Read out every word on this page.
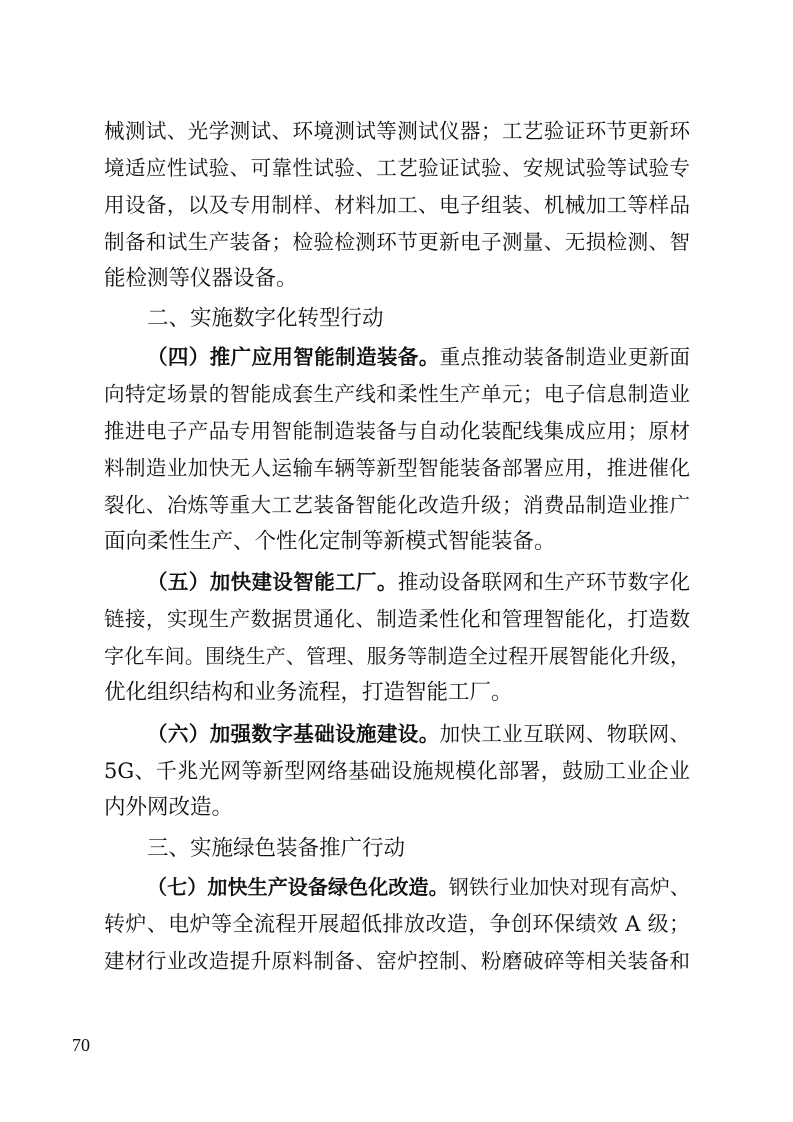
械测试、光学测试、环境测试等测试仪器；工艺验证环节更新环
境适应性试验、可靠性试验、工艺验证试验、安规试验等试验专
用设备，以及专用制样、材料加工、电子组装、机械加工等样品
制备和试生产装备；检验检测环节更新电子测量、无损检测、智
能检测等仪器设备。
二、实施数字化转型行动
（四）推广应用智能制造装备。重点推动装备制造业更新面
向特定场景的智能成套生产线和柔性生产单元；电子信息制造业
推进电子产品专用智能制造装备与自动化装配线集成应用；原材
料制造业加快无人运输车辆等新型智能装备部署应用，推进催化
裂化、冶炼等重大工艺装备智能化改造升级；消费品制造业推广
面向柔性生产、个性化定制等新模式智能装备。
（五）加快建设智能工厂。推动设备联网和生产环节数字化
链接，实现生产数据贯通化、制造柔性化和管理智能化，打造数
字化车间。围绕生产、管理、服务等制造全过程开展智能化升级，
优化组织结构和业务流程，打造智能工厂。
（六）加强数字基础设施建设。加快工业互联网、物联网、
5G、千兆光网等新型网络基础设施规模化部署，鼓励工业企业
内外网改造。
三、实施绿色装备推广行动
（七）加快生产设备绿色化改造。钢铁行业加快对现有高炉、
转炉、电炉等全流程开展超低排放改造，争创环保绩效 A 级；
建材行业改造提升原料制备、窑炉控制、粉磨破碎等相关装备和
70
